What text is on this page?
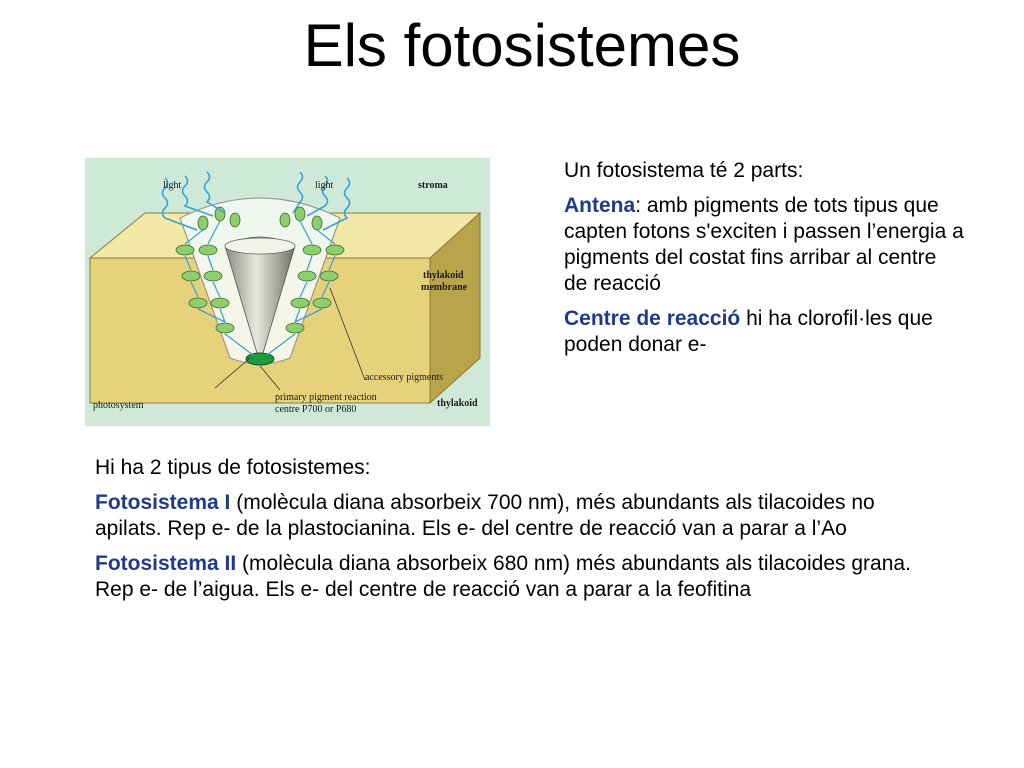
Els fotosistemes
light	light	stroma
thylakoid
membrane
accessory pigments
photosystem
primary pigment reaction
centre P700 or P680
thylakoid

Un fotosistema té 2 parts:

Antena: amb pigments de tots tipus que capten fotons s'exciten i passen l’energia a pigments del costat fins arribar al centre de reacció

Centre de reacció hi ha clorofil·les que poden donar e-

Hi ha 2 tipus de fotosistemes:

Fotosistema I (molècula diana absorbeix 700 nm), més abundants als tilacoides no apilats. Rep e- de la plastocianina. Els e- del centre de reacció van a parar a l’Ao

Fotosistema II (molècula diana absorbeix 680 nm) més abundants als tilacoides grana. Rep e- de l’aigua. Els e- del centre de reacció van a parar a la feofitina
